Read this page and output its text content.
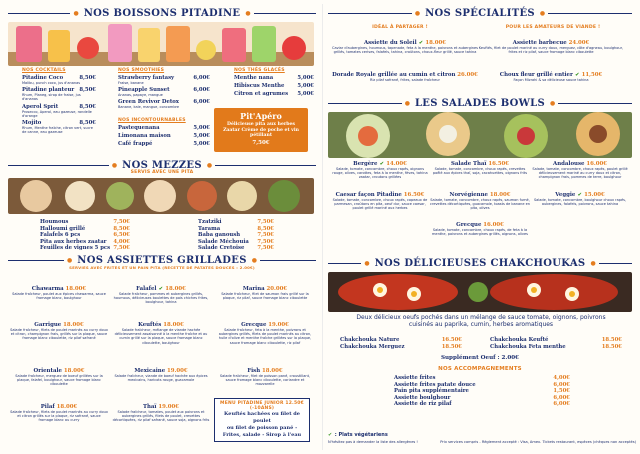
● NOS BOISSONS PITADINE ●
NOS COCKTAILS
Pitadine Coco	8,50€
Malibu, punch coco, jus d'ananas
Pitadine planteur 8,50€
Rhum, Planeg, sirop de fraise, jus d'ananas
Aperol Sprit	8,50€
Prosecco, Aperol, eau gazeuse, rondelle d'orange
Mojito	8,50€
Rhum, Menthe fraîche, citron vert, sucre de canne, eau gazeuse
NOS SMOOTHIES
Strawberry fantasy	6,00€
Fraise, banane
Pineapple Sunset	6,00€
Ananas, papaye, mangue
Green Revivor Detox	6,00€
Banane, kale, mangue, concombre
NOS THÉS GLACÉS
Menthe nana	5,00€
Hibiscus Menthe 5,00€
Citron et agrumes 5,00€
NOS INCONTOURNABLES
Pastequenana	5,00€
Limonana maison	5,00€
Café frappé	5,00€
Pit'Apéro
Délicieuse pita aux herbes Zaatar Crème de poche et vin pétillant
7,50€
● NOS MEZZES ●
SERVIS AVEC UNE PITA
Houmous	7,50€
Halloumi grillé	8,50€
Falafels 6 pcs	6,50€
Pita aux herbes zaatar 4,00€
Feuilles de vignes 5 pcs 7,50€
Tzatziki	7,50€
Tarama	8,50€
Baba ganoush	7,50€
Salade Méchouia 7,50€
Salade Cretoise 7,50€
● NOS ASSIETTES GRILLADES ●
SERVIES AVEC FRITES ET UN PAIN PITA (RECETTE DE PATATES DOUCES : 2.00€)
Chawarma 18.00€
Salade fraîcheur, poulet aux épices chawarma, sauce fromage blanc, boulghour
Falafel ✔ 18.00€
Salade fraîcheur, pommes et aubergines grillés, houmous, délicieuses boulettes de pois chiches frites, boulghour, tahina
Marina 20.00€
Salade fraîcheur, filet de saumon frais grillé sur la plaque, riz pilaf, sauce fromage blanc ciboulette
Garrigue 18.00€
Salade fraîcheur, filets de poulet marinés au curry doux et citron, champignon frais, grillés sur la plaque, sauce fromage blanc ciboulette, riz pilaf safrané
Keuftés 18.00€
Salade fraîcheur, mélange de viande hachée délicieusement assaisonné à la menthe fraîche et au cumin grillé sur la plaque, sauce fromage blanc ciboulette, boulghour
Grecque 19.00€
Salade fraîcheur, feta à la menthe, poivrons et aubergines grillés, filets de poulet marinés au citron, huile d'olive et menthe fraîche grillées sur la plaque, sauce fromage blanc ciboulette, riz pilaf
Orientale 18.00€
Salade fraîcheur, merguez de boeuf grillées sur la plaque, falafel, boulghour, sauce fromage blanc ciboulette
Mexicaine 19.00€
Salade fraîcheur, viande de boeuf hachée aux épices mexicains, haricots rouge, guacamole
Fish 18.00€
Salade fraîcheur, filet de poisson pané, croustillant, sauce fromage blanc ciboulette, coriandre et mozzarelle
Pilaf 18.00€
Salade fraîcheur, filets de poulet marinés au curry doux et citron grillés sur la plaque, riz safrané, sauce fromage blanc au curry
Thaï 19.00€
Salade fraîcheur, tomates, poulet aux poivrons et aubergines grillés, filets de poulet, crevettes décortiquées, riz pilaf safrané, sauce soja, oignons frits
MENU PITADINE JUNIOR 12.50€ (-10ANS)
Keuftés hachées ou filet de poulet
ou filet de poisson pané -
Frites, salade - Sirop à l'eau
● NOS SPÉCIALITÉS ●
IDÉAL À PARTAGER !	POUR LES AMATEURS DE VIANDE !
Assiette du Soleil ✔ 18.00€
Caviar d'aubergines, houmous, tapenade, feta à la menthe, poivrons et aubergines grillés, tomates cerises, falafels, tahina, croûtons, choux-fleur grillé, sauce tahina
Assiette barbecue 24.00€
Keuftés, filet de poulet mariné au curry doux, merguez, côte d'agneau, boulghour, frites et riz pilaf, sauce fromage blanc ciboulette
Dorade Royale grillée au cumin et citron 26.00€
Riz pilaf safrané, frites, salade fraîcheur
Choux fleur grillé entier ✔ 11,50€
Façon Mizrahi & sa délicieuse sauce tahina
● LES SALADES BOWLS ●
Bergère ✔ 14.00€
Salade, tomate, concombre, choux rapés, oignons rouge, olives, carottes, feta à la menthe, fèves, tahina zaatar, croutons grillées
Salade Thaï 16.50€
Salade, tomate, concombre, choux rapés, crevettes poêlé aux épices thaï, soja, cacahuettes, oignons frits
Andalouse 16.00€
Salade, tomate, concombre, choux rapés, poulet grillé délicieusement mariné au curry doux et citron, champignon frais, pommes de terre, boulghour
Caesar façon Pitadine 16.50€
Salade, tomate, concombre, choux rapés, copeaux de parmesan, croûtons en pita, oeuf dur, sauce caesar, poulet grillé mariné aux herbes
Norvégienne 18.00€
Salade, tomate, concombre, choux rapés, saumon fumé, crevettes décortiquées, guacamole, toasts de banane en pita, olives
Veggie ✔ 15.00€
Salade, tomate, concombre, boulghour choux rapés, aubergines, falafels, poivrons, sauce tahina
Grecque 16.00€
Salade, tomate, concombre, choux rapés, de feta à la menthe, poivrons et aubergines grillés, oignons, olives
● NOS DÉLICIEUSES CHAKCHOUKAS ●
Deux délicieux oeufs pochés dans un mélange de sauce tomate, oignons, poivrons cuisinés au paprika, cumin, herbes aromatiques
Chakchouka Nature	16.50€
Chakchouka Merguez	18.50€
Chakchouka Keufté	18.50€
Chakchouka Feta menthe	18.50€
Supplément Oeuf : 2.00€
NOS ACCOMPAGNEMENTS
Assiette frites	4,00€
Assiette frites patate douce	6,00€
Pain pita supplémentaire	1,50€
Assiette boulghour	6,00€
Assiette de riz pilaf	6,00€
✔ : Plats végétariens
N'hésitez pas à demander la liste des allergènes !	Prix services compris - Règlement accepté : Visa, Amex. Tickets restaurant, espèces (chèques non acceptés)
